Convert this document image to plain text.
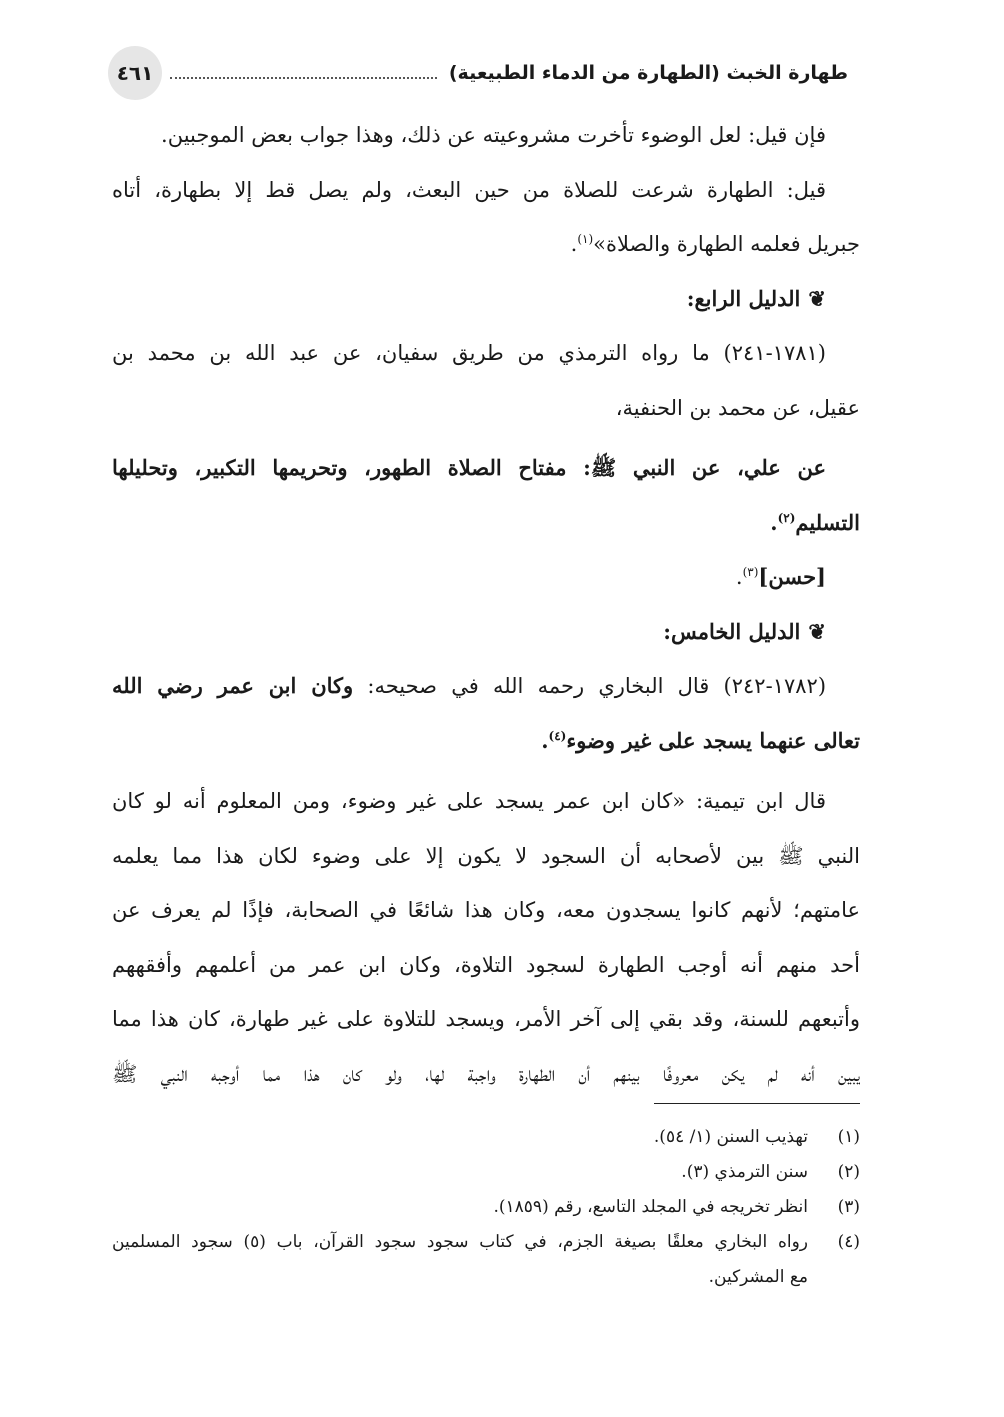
طهارة الخبث (الطهارة من الدماء الطبيعية)
٤٦١
فإن قيل: لعل الوضوء تأخرت مشروعيته عن ذلك، وهذا جواب بعض الموجبين.
قيل: الطهارة شرعت للصلاة من حين البعث، ولم يصل قط إلا بطهارة، أتاه
جبريل فعلمه الطهارة والصلاة»$^{(١)}$.
❦الدليل الرابع:
(١٧٨١-٢٤١) ما رواه الترمذي من طريق سفيان، عن عبد الله بن محمد بن
عقيل، عن محمد بن الحنفية،
عن علي، عن النبي ﷺ: مفتاح الصلاة الطهور، وتحريمها التكبير، وتحليلها
التسليم$^{(٢)}$.
[حسن]$^{(٣)}$.
❦الدليل الخامس:
(١٧٨٢-٢٤٢) قال البخاري رحمه الله في صحيحه: وكان ابن عمر رضي الله
تعالى عنهما يسجد على غير وضوء$^{(٤)}$.
قال ابن تيمية: «كان ابن عمر يسجد على غير وضوء، ومن المعلوم أنه لو كان
النبي ﷺ بين لأصحابه أن السجود لا يكون إلا على وضوء لكان هذا مما يعلمه
عامتهم؛ لأنهم كانوا يسجدون معه، وكان هذا شائعًا في الصحابة، فإذًا لم يعرف عن
أحد منهم أنه أوجب الطهارة لسجود التلاوة، وكان ابن عمر من أعلمهم وأفقههم
وأتبعهم للسنة، وقد بقي إلى آخر الأمر، ويسجد للتلاوة على غير طهارة، كان هذا مما
يبين أنه لم يكن معروفًا بينهم أن الطهارة واجبة لها، ولو كان هذا مما أوجبه النبي ﷺ
(١)
تهذيب السنن (١/ ٥٤).
(٢)
سنن الترمذي (٣).
(٣)
انظر تخريجه في المجلد التاسع، رقم (١٨٥٩).
(٤)
رواه البخاري معلقًا بصيغة الجزم، في كتاب سجود سجود القرآن، باب (٥) سجود المسلمين
مع المشركين.
